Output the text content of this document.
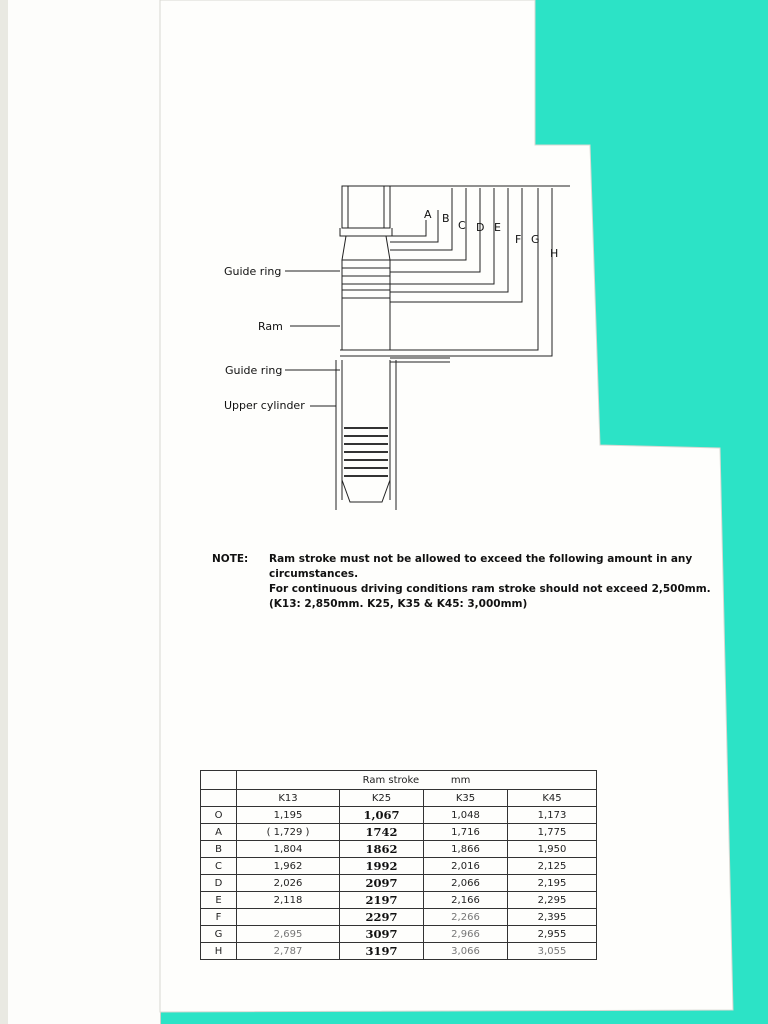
A B
C D E
F G
H
Guide ring
Ram
Guide ring
Upper cylinder
NOTE: Ram stroke must not be allowed to exceed the following amount in any
circumstances.
For continuous driving conditions ram stroke should not exceed 2,500mm.
(K13: 2,850mm. K25, K35 & K45: 3,000mm)
	Ram stroke mm			
	K13	K25	K35	K45
O	1,195	1,067	1,048	1,173
A	( 1,729 )	1742	1,716	1,775
B	1,804	1862	1,866	1,950
C	1,962	1992	2,016	2,125
D	2,026	2097	2,066	2,195
E	2,118	2197	2,166	2,295
F		2297	2,266	2,395
G	2,695	3097	2,966	2,955
H	2,787	3197	3,066	3,055
